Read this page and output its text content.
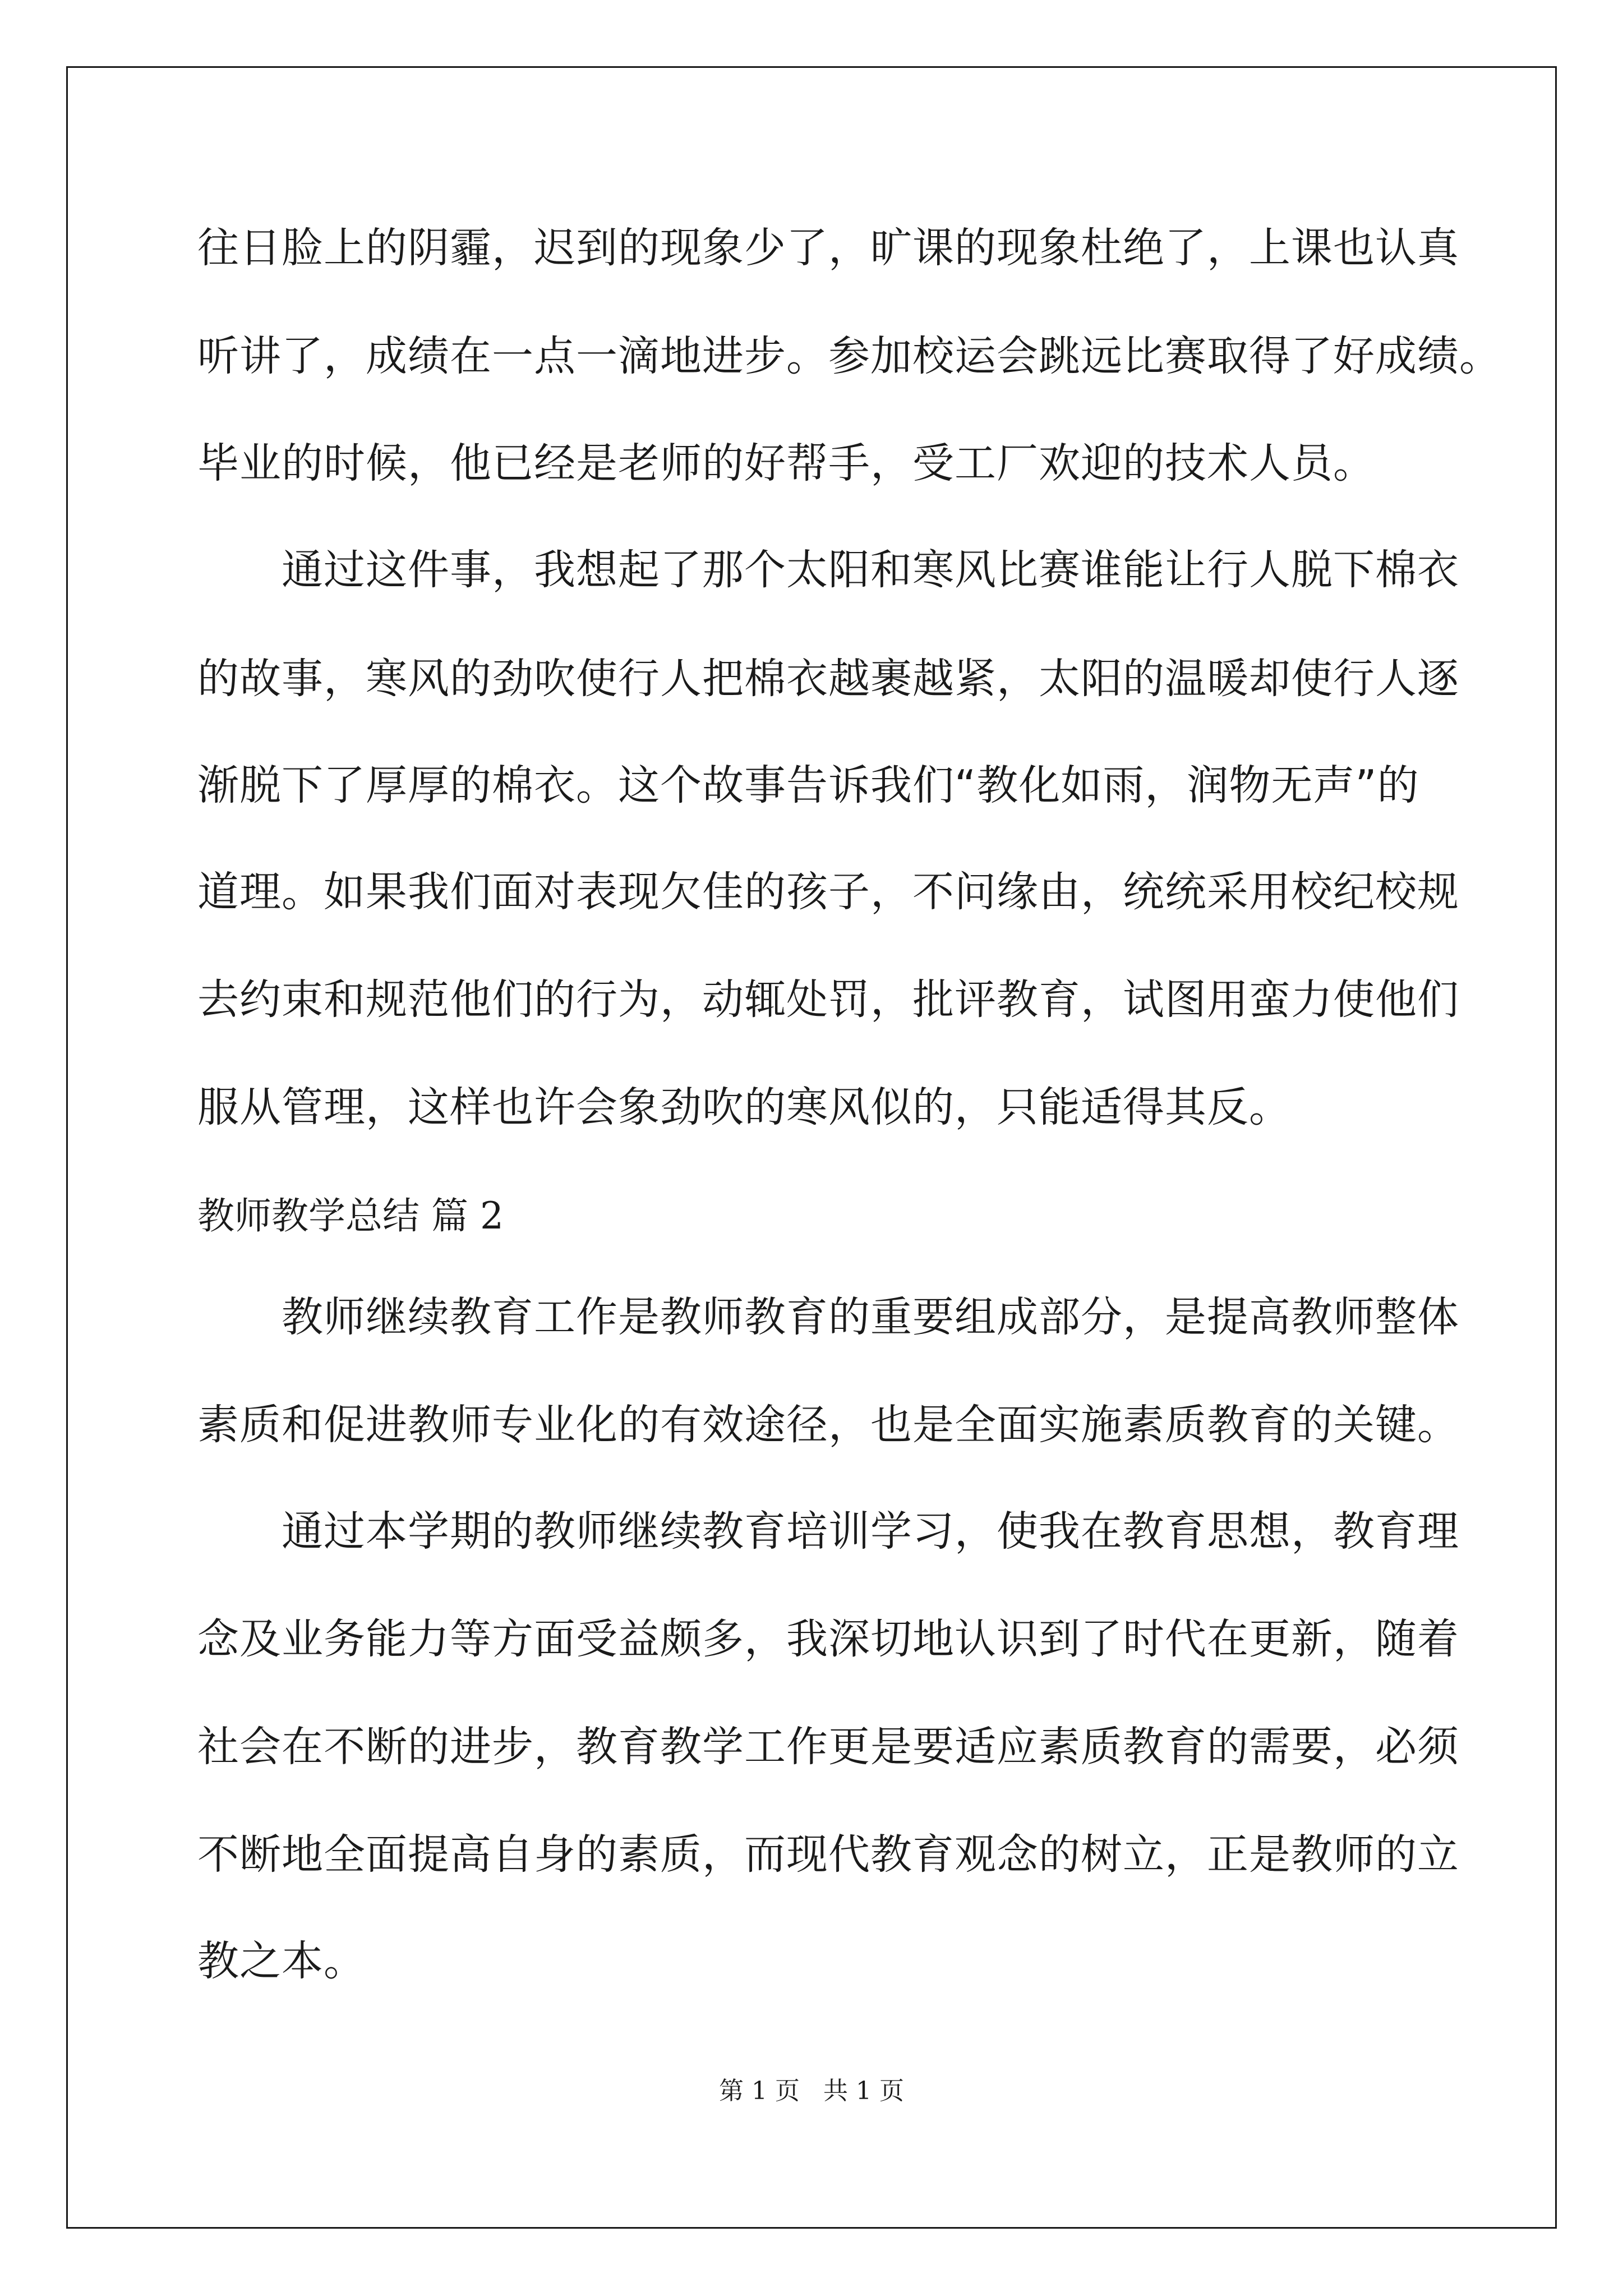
往日脸上的阴霾，迟到的现象少了，旷课的现象杜绝了，上课也认真
听讲了，成绩在一点一滴地进步。参加校运会跳远比赛取得了好成绩。
毕业的时候，他已经是老师的好帮手，受工厂欢迎的技术人员。
通过这件事，我想起了那个太阳和寒风比赛谁能让行人脱下棉衣
的故事，寒风的劲吹使行人把棉衣越裹越紧，太阳的温暖却使行人逐
渐脱下了厚厚的棉衣。这个故事告诉我们“教化如雨，润物无声”的
道理。如果我们面对表现欠佳的孩子，不问缘由，统统采用校纪校规
去约束和规范他们的行为，动辄处罚，批评教育，试图用蛮力使他们
服从管理，这样也许会象劲吹的寒风似的，只能适得其反。
教师教学总结 篇 2
教师继续教育工作是教师教育的重要组成部分，是提高教师整体
素质和促进教师专业化的有效途径，也是全面实施素质教育的关键。
通过本学期的教师继续教育培训学习，使我在教育思想，教育理
念及业务能力等方面受益颇多，我深切地认识到了时代在更新，随着
社会在不断的进步，教育教学工作更是要适应素质教育的需要，必须
不断地全面提高自身的素质，而现代教育观念的树立，正是教师的立
教之本。
第 1 页   共 1 页
